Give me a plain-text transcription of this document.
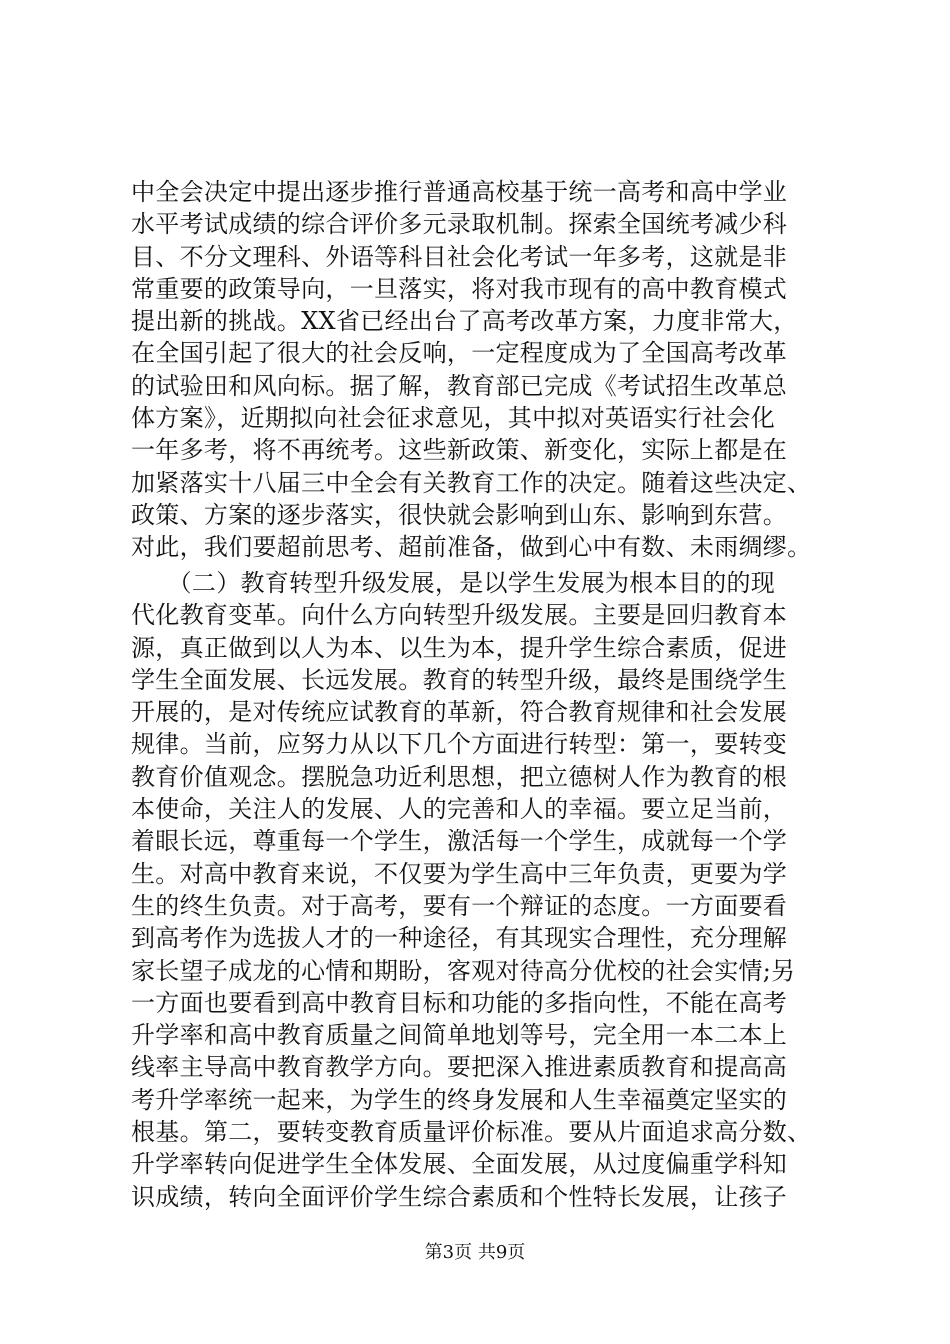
中全会决定中提出逐步推行普通高校基于统一高考和高中学业
水平考试成绩的综合评价多元录取机制。探索全国统考减少科
目、不分文理科、外语等科目社会化考试一年多考，这就是非
常重要的政策导向，一旦落实，将对我市现有的高中教育模式
提出新的挑战。XX省已经出台了高考改革方案，力度非常大，
在全国引起了很大的社会反响，一定程度成为了全国高考改革
的试验田和风向标。据了解，教育部已完成《考试招生改革总
体方案》，近期拟向社会征求意见，其中拟对英语实行社会化
一年多考，将不再统考。这些新政策、新变化，实际上都是在
加紧落实十八届三中全会有关教育工作的决定。随着这些决定、
政策、方案的逐步落实，很快就会影响到山东、影响到东营。
对此，我们要超前思考、超前准备，做到心中有数、未雨绸缪。

　　（二）教育转型升级发展，是以学生发展为根本目的的现
代化教育变革。向什么方向转型升级发展。主要是回归教育本
源，真正做到以人为本、以生为本，提升学生综合素质，促进
学生全面发展、长远发展。教育的转型升级，最终是围绕学生
开展的，是对传统应试教育的革新，符合教育规律和社会发展
规律。当前，应努力从以下几个方面进行转型：第一，要转变
教育价值观念。摆脱急功近利思想，把立德树人作为教育的根
本使命，关注人的发展、人的完善和人的幸福。要立足当前，
着眼长远，尊重每一个学生，激活每一个学生，成就每一个学
生。对高中教育来说，不仅要为学生高中三年负责，更要为学
生的终生负责。对于高考，要有一个辩证的态度。一方面要看
到高考作为选拔人才的一种途径，有其现实合理性，充分理解
家长望子成龙的心情和期盼，客观对待高分优校的社会实情;另
一方面也要看到高中教育目标和功能的多指向性，不能在高考
升学率和高中教育质量之间简单地划等号，完全用一本二本上
线率主导高中教育教学方向。要把深入推进素质教育和提高高
考升学率统一起来，为学生的终身发展和人生幸福奠定坚实的
根基。第二，要转变教育质量评价标准。要从片面追求高分数、
升学率转向促进学生全体发展、全面发展，从过度偏重学科知
识成绩，转向全面评价学生综合素质和个性特长发展，让孩子

第3页 共9页
